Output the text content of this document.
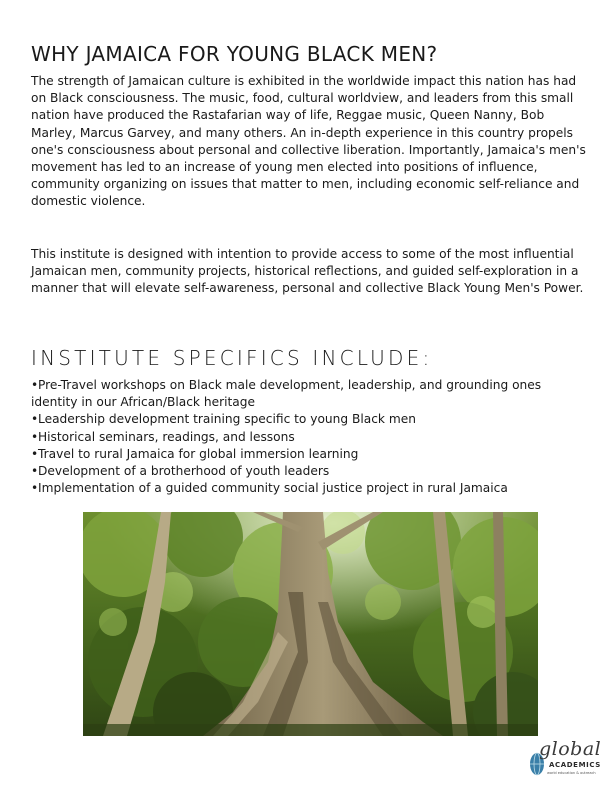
WHY JAMAICA FOR YOUNG BLACK MEN?

The strength of Jamaican culture is exhibited in the worldwide impact this nation has had on Black consciousness. The music, food, cultural worldview, and leaders from this small nation have produced the Rastafarian way of life, Reggae music, Queen Nanny, Bob Marley, Marcus Garvey, and many others. An in-depth experience in this country propels one's consciousness about personal and collective liberation. Importantly, Jamaica's men's movement has led to an increase of young men elected into positions of influence, community organizing on issues that matter to men, including economic self-reliance and domestic violence.

This institute is designed with intention to provide access to some of the most influential Jamaican men, community projects, historical reflections, and guided self-exploration in a manner that will elevate self-awareness, personal and collective Black Young Men's Power.

INSTITUTE SPECIFICS INCLUDE:
•Pre-Travel workshops on Black male development, leadership, and grounding ones identity in our African/Black heritage
•Leadership development training specific to young Black men
•Historical seminars, readings, and lessons
•Travel to rural Jamaica for global immersion learning
•Development of a brotherhood of youth leaders
•Implementation of a guided community social justice project in rural Jamaica
global
ACADEMICS
world education & outreach
